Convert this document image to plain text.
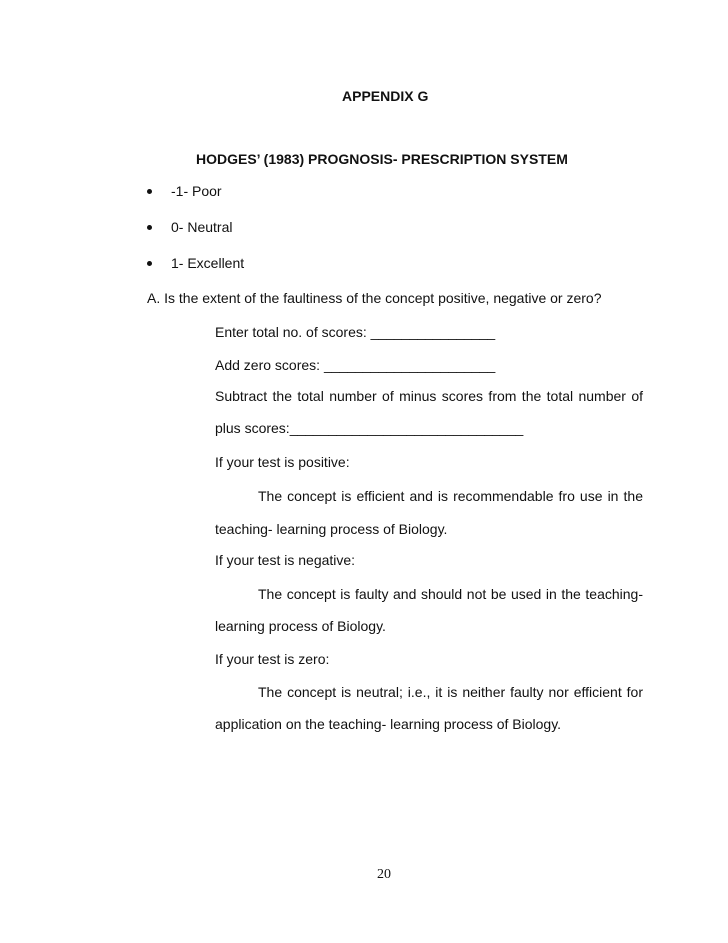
APPENDIX G
HODGES’ (1983) PROGNOSIS- PRESCRIPTION SYSTEM
-1- Poor
0- Neutral
1- Excellent
A. Is the extent of the faultiness of the concept positive, negative or zero?
Enter total no. of scores: ________________
Add zero scores: ______________________
Subtract the total number of minus scores from the total number of
plus scores:______________________________
If your test is positive:
The concept is efficient and is recommendable fro use in the
teaching- learning process of Biology.
If your test is negative:
The concept is faulty and should not be used in the teaching-
learning process of Biology.
If your test is zero:
The concept is neutral; i.e., it is neither faulty nor efficient for
application on the teaching- learning process of Biology.
20
